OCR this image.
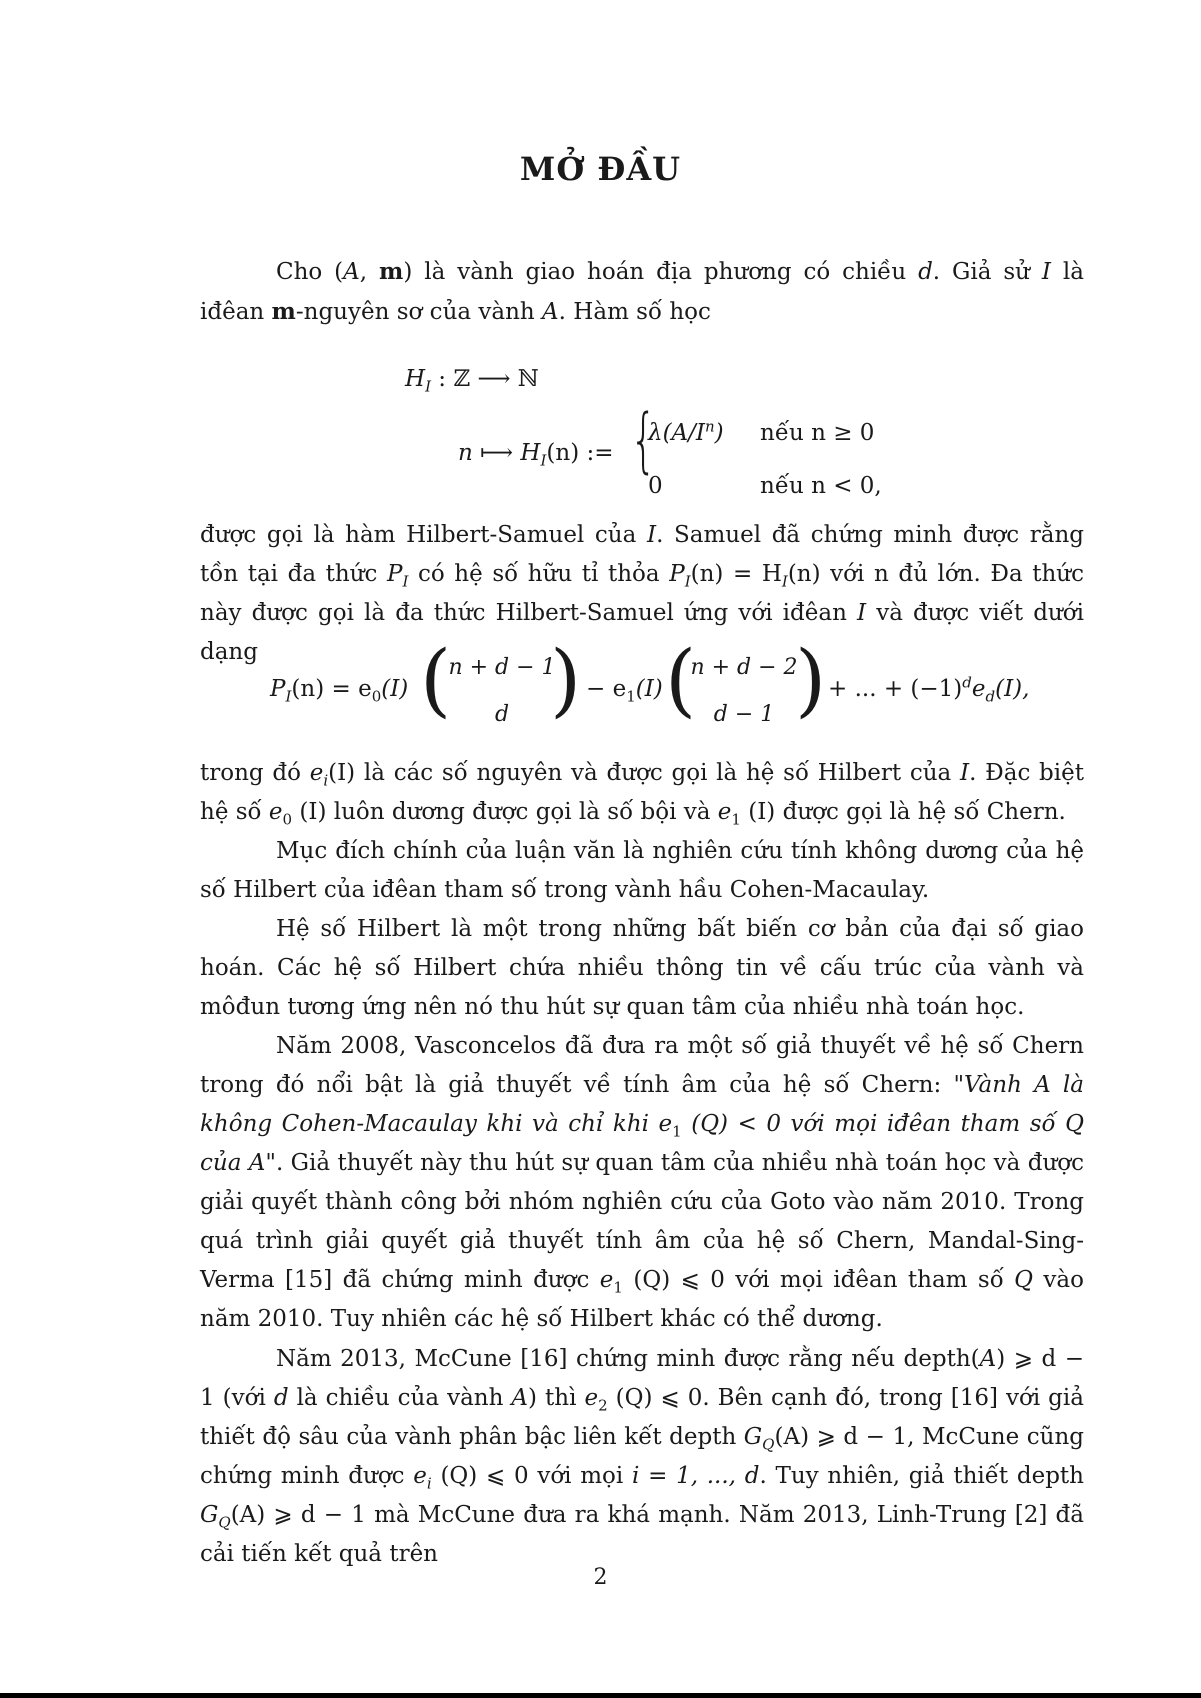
MỞ ĐẦU

Cho (A, m) là vành giao hoán địa phương có chiều d. Giả sử I là iđêan m-nguyên sơ của vành A. Hàm số học

$H_I$ : ℤ ⟶ ℕ
n ⟼ $H_I(n)$ := {
$\lambda(A/I^n)$ nếu n ≥ 0
0	nếu n < 0,

được gọi là hàm Hilbert-Samuel của I. Samuel đã chứng minh được rằng tồn tại đa thức $P_I$ có hệ số hữu tỉ thỏa $P_I(n) = H_I(n)$ với n đủ lớn. Đa thức này được gọi là đa thức Hilbert-Samuel ứng với iđêan I và được viết dưới dạng

$P_I(n) = e_0(I)$ (
n + d − 1
d ) − $e_1(I)$ (
n + d − 2
d − 1 ) + ... + $(-1)^de_d(I)$,

trong đó $e_i(I)$ là các số nguyên và được gọi là hệ số Hilbert của I. Đặc biệt hệ số $e_0$ (I) luôn dương được gọi là số bội và $e_1$ (I) được gọi là hệ số Chern.

Mục đích chính của luận văn là nghiên cứu tính không dương của hệ số Hilbert của iđêan tham số trong vành hầu Cohen-Macaulay.

Hệ số Hilbert là một trong những bất biến cơ bản của đại số giao hoán. Các hệ số Hilbert chứa nhiều thông tin về cấu trúc của vành và môđun tương ứng nên nó thu hút sự quan tâm của nhiều nhà toán học.

Năm 2008, Vasconcelos đã đưa ra một số giả thuyết về hệ số Chern trong đó nổi bật là giả thuyết về tính âm của hệ số Chern: "Vành A là không Cohen-Macaulay khi và chỉ khi $e_1$ (Q) < 0 với mọi iđêan tham số Q của A". Giả thuyết này thu hút sự quan tâm của nhiều nhà toán học và được giải quyết thành công bởi nhóm nghiên cứu của Goto vào năm 2010. Trong quá trình giải quyết giả thuyết tính âm của hệ số Chern, Mandal-Sing-Verma [15] đã chứng minh được $e_1$ (Q) ⩽ 0 với mọi iđêan tham số Q vào năm 2010. Tuy nhiên các hệ số Hilbert khác có thể dương.

Năm 2013, McCune [16] chứng minh được rằng nếu depth(A) ⩾ d − 1 (với d là chiều của vành A) thì $e_2$ (Q) ⩽ 0. Bên cạnh đó, trong [16] với giả thiết độ sâu của vành phân bậc liên kết depth $G_Q(A)$ ⩾ d − 1, McCune cũng chứng minh được $e_i$ (Q) ⩽ 0 với mọi i = 1, ..., d. Tuy nhiên, giả thiết depth $G_Q(A)$ ⩾ d − 1 mà McCune đưa ra khá mạnh. Năm 2013, Linh-Trung [2] đã cải tiến kết quả trên

2
